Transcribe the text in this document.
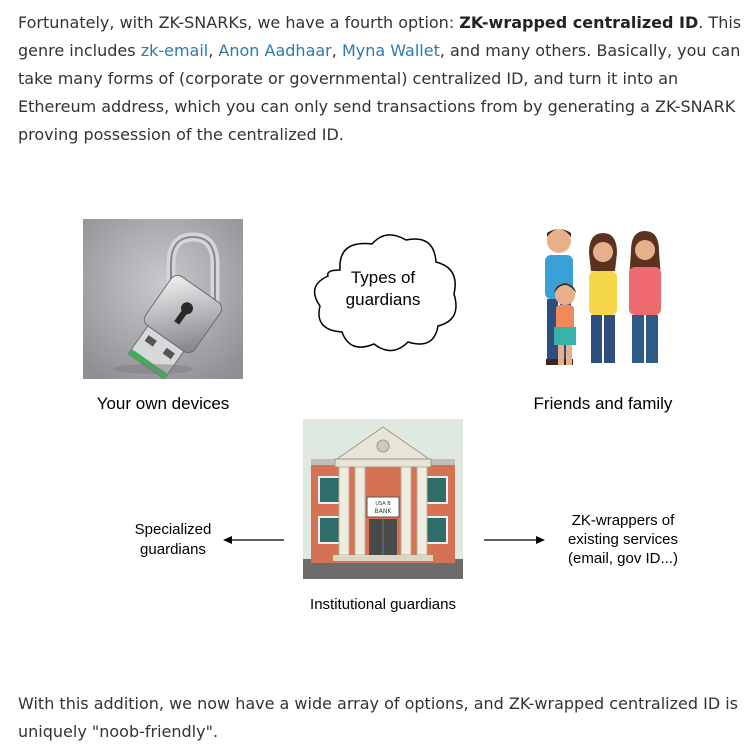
Fortunately, with ZK-SNARKs, we have a fourth option: ZK-wrapped centralized ID. This genre includes zk-email, Anon Aadhaar, Myna Wallet, and many others. Basically, you can take many forms of (corporate or governmental) centralized ID, and turn it into an Ethereum address, which you can only send transactions from by generating a ZK-SNARK proving possession of the centralized ID.

Types of guardians
Your own devices	Friends and family
USA B
BANK
Institutional guardians
Specialized guardians
ZK-wrappers of existing services (email, gov ID...)

With this addition, we now have a wide array of options, and ZK-wrapped centralized ID is uniquely "noob-friendly".
